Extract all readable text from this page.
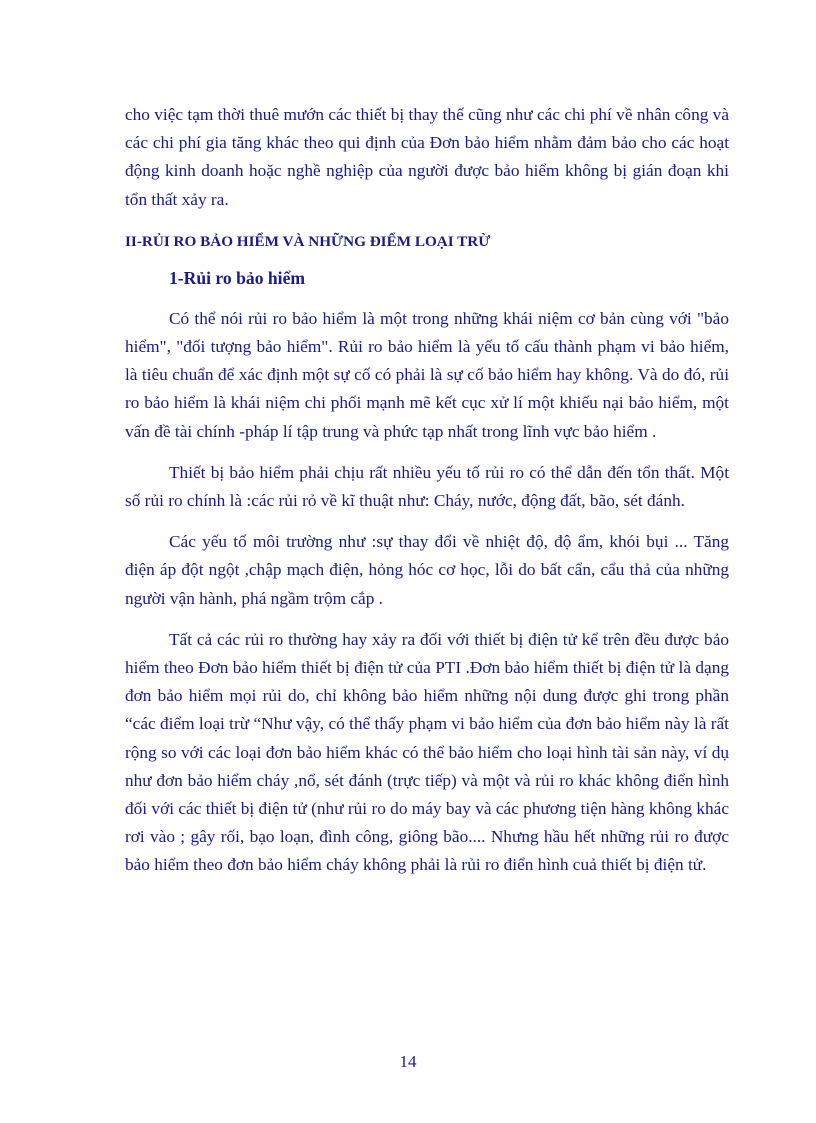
cho việc tạm thời thuê mướn các thiết bị thay thế cũng như các chi phí về nhân công và các chi phí gia tăng khác theo qui định của Đơn bảo hiểm nhằm đảm bảo cho các hoạt động kinh doanh hoặc nghề nghiệp của người được bảo hiểm không bị gián đoạn khi tổn thất xảy ra.

II-RỦI RO BẢO HIỂM VÀ NHỮNG ĐIỂM LOẠI TRỪ
1-Rủi ro bảo hiểm

Có thể nói rủi ro bảo hiểm là một trong những khái niệm cơ bản cùng với "bảo hiểm", "đối tượng bảo hiểm". Rủi ro bảo hiểm là yếu tố cấu thành phạm vi bảo hiểm, là tiêu chuẩn để xác định một sự cố có phải là sự cố bảo hiểm hay không. Và do đó, rủi ro bảo hiểm là khái niệm chi phối mạnh mẽ kết cục xử lí một khiếu nại bảo hiểm, một vấn đề tài chính -pháp lí tập trung và phức tạp nhất trong lĩnh vực bảo hiểm .

Thiết bị bảo hiểm phải chịu rất nhiều yếu tố rủi ro có thể dẫn đến tổn thất. Một số rủi ro chính là :các rủi rỏ về kĩ thuật như: Cháy, nước, động đất, bão, sét đánh.

Các yếu tố môi trường như :sự thay đổi về nhiệt độ, độ ẩm, khói bụi ... Tăng điện áp đột ngột ,chập mạch điện, hỏng hóc cơ học, lỗi do bất cẩn, cẩu thả của những người vận hành, phá ngầm trộm cắp .

Tất cả các rủi ro thường hay xảy ra đối với thiết bị điện tử kể trên đều được bảo hiểm theo Đơn bảo hiểm thiết bị điện tử của PTI .Đơn bảo hiểm thiết bị điện tử là dạng đơn bảo hiểm mọi rủi do, chỉ không bảo hiểm những nội dung được ghi trong phần “các điểm loại trừ “Như vậy, có thể thấy phạm vi bảo hiểm của đơn bảo hiểm này là rất rộng so với các loại đơn bảo hiểm khác có thể bảo hiểm cho loại hình tài sản này, ví dụ như đơn bảo hiểm cháy ,nổ, sét đánh (trực tiếp) và một và rủi ro khác không điển hình đối với các thiết bị điện tử (như rủi ro do máy bay và các phương tiện hàng không khác rơi vào ; gây rối, bạo loạn, đình công, giông bão.... Nhưng hầu hết những rủi ro được bảo hiểm theo đơn bảo hiểm cháy không phải là rủi ro điển hình cuả thiết bị điện tử.

14
